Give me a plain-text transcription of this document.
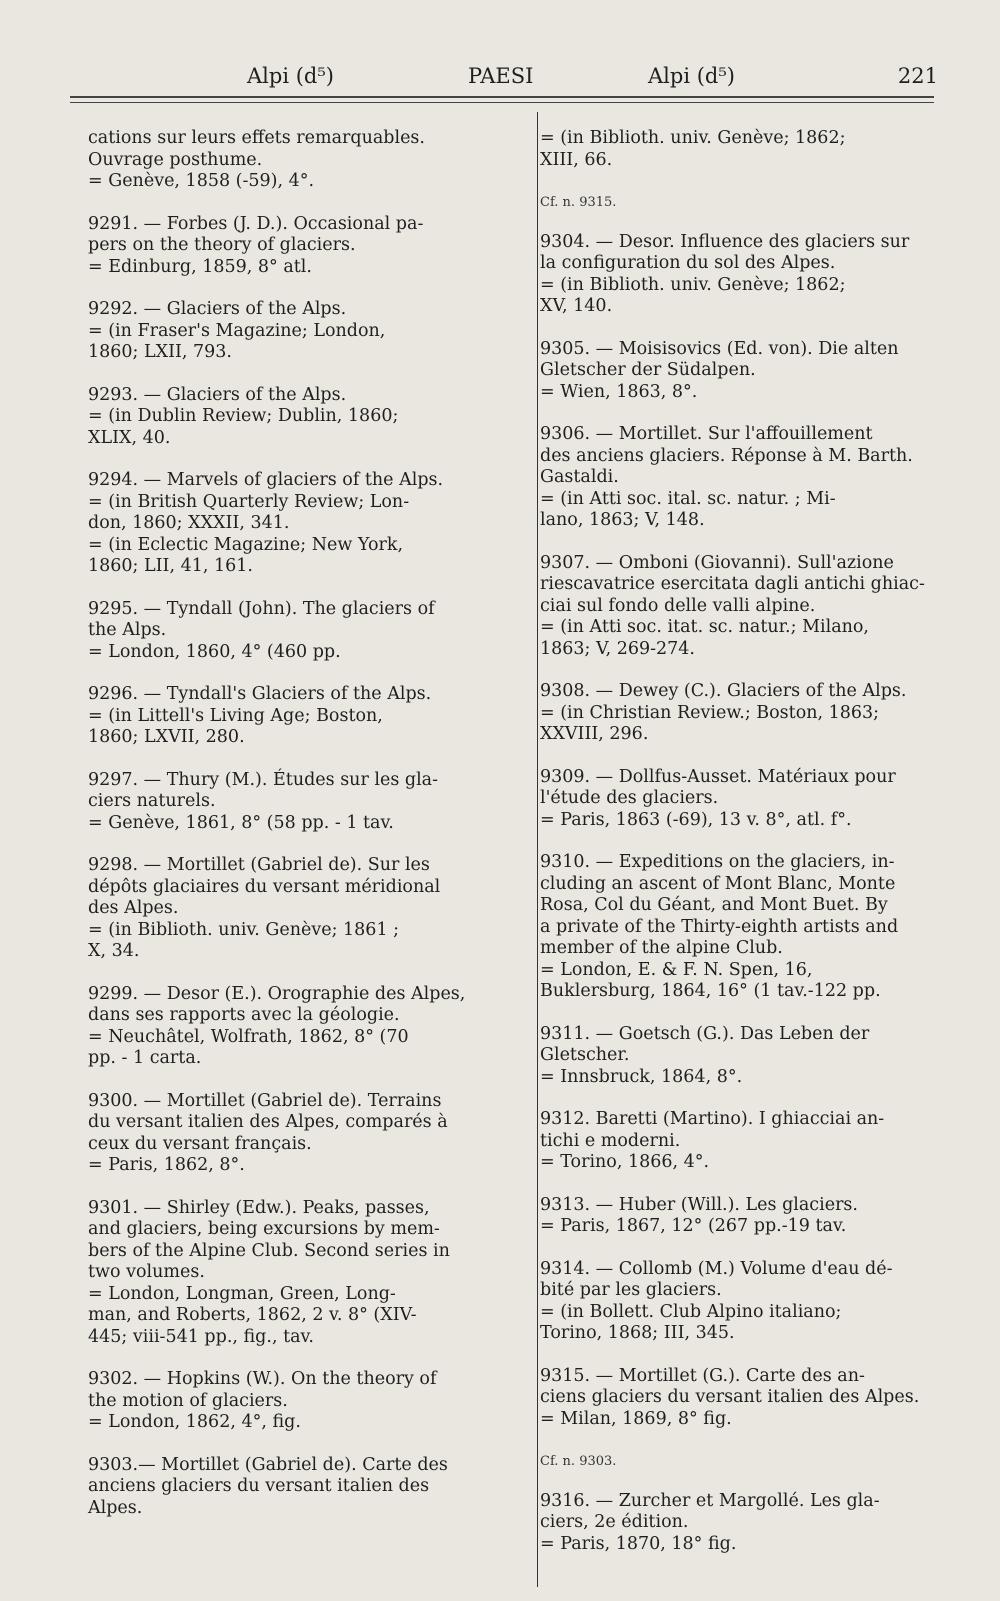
Alpi (d⁵)	PAESI	Alpi (d⁵)	221

cations sur leurs effets remarquables.

Ouvrage posthume.

= Genève, 1858 (-59), 4°.

9291. — Forbes (J. D.). Occasional pa-

pers on the theory of glaciers.

= Edinburg, 1859, 8° atl.

9292. — Glaciers of the Alps.

= (in Fraser's Magazine; London,

1860; LXII, 793.

9293. — Glaciers of the Alps.

= (in Dublin Review; Dublin, 1860;

XLIX, 40.

9294. — Marvels of glaciers of the Alps.

= (in British Quarterly Review; Lon-

don, 1860; XXXII, 341.

= (in Eclectic Magazine; New York,

1860; LII, 41, 161.

9295. — Tyndall (John). The glaciers of

the Alps.

= London, 1860, 4° (460 pp.

9296. — Tyndall's Glaciers of the Alps.

= (in Littell's Living Age; Boston,

1860; LXVII, 280.

9297. — Thury (M.). Études sur les gla-

ciers naturels.

= Genève, 1861, 8° (58 pp. - 1 tav.

9298. — Mortillet (Gabriel de). Sur les

dépôts glaciaires du versant méridional

des Alpes.

= (in Biblioth. univ. Genève; 1861 ;

X, 34.

9299. — Desor (E.). Orographie des Alpes,

dans ses rapports avec la géologie.

= Neuchâtel, Wolfrath, 1862, 8° (70

pp. - 1 carta.

9300. — Mortillet (Gabriel de). Terrains

du versant italien des Alpes, comparés à

ceux du versant français.

= Paris, 1862, 8°.

9301. — Shirley (Edw.). Peaks, passes,

and glaciers, being excursions by mem-

bers of the Alpine Club. Second series in

two volumes.

= London, Longman, Green, Long-

man, and Roberts, 1862, 2 v. 8° (XIV-

445; viii-541 pp., fig., tav.

9302. — Hopkins (W.). On the theory of

the motion of glaciers.

= London, 1862, 4°, fig.

9303.— Mortillet (Gabriel de). Carte des

anciens glaciers du versant italien des

Alpes.

= (in Biblioth. univ. Genève; 1862;

XIII, 66.

Cf. n. 9315.

9304. — Desor. Influence des glaciers sur

la configuration du sol des Alpes.

= (in Biblioth. univ. Genève; 1862;

XV, 140.

9305. — Moisisovics (Ed. von). Die alten

Gletscher der Südalpen.

= Wien, 1863, 8°.

9306. — Mortillet. Sur l'affouillement

des anciens glaciers. Réponse à M. Barth.

Gastaldi.

= (in Atti soc. ital. sc. natur. ; Mi-

lano, 1863; V, 148.

9307. — Omboni (Giovanni). Sull'azione

riescavatrice esercitata dagli antichi ghiac-

ciai sul fondo delle valli alpine.

= (in Atti soc. itat. sc. natur.; Milano,

1863; V, 269-274.

9308. — Dewey (C.). Glaciers of the Alps.

= (in Christian Review.; Boston, 1863;

XXVIII, 296.

9309. — Dollfus-Ausset. Matériaux pour

l'étude des glaciers.

= Paris, 1863 (-69), 13 v. 8°, atl. f°.

9310. — Expeditions on the glaciers, in-

cluding an ascent of Mont Blanc, Monte

Rosa, Col du Géant, and Mont Buet. By

a private of the Thirty-eighth artists and

member of the alpine Club.

= London, E. & F. N. Spen, 16,

Buklersburg, 1864, 16° (1 tav.-122 pp.

9311. — Goetsch (G.). Das Leben der

Gletscher.

= Innsbruck, 1864, 8°.

9312. Baretti (Martino). I ghiacciai an-

tichi e moderni.

= Torino, 1866, 4°.

9313. — Huber (Will.). Les glaciers.

= Paris, 1867, 12° (267 pp.-19 tav.

9314. — Collomb (M.) Volume d'eau dé-

bité par les glaciers.

= (in Bollett. Club Alpino italiano;

Torino, 1868; III, 345.

9315. — Mortillet (G.). Carte des an-

ciens glaciers du versant italien des Alpes.

= Milan, 1869, 8° fig.

Cf. n. 9303.

9316. — Zurcher et Margollé. Les gla-

ciers, 2e édition.

= Paris, 1870, 18° fig.
